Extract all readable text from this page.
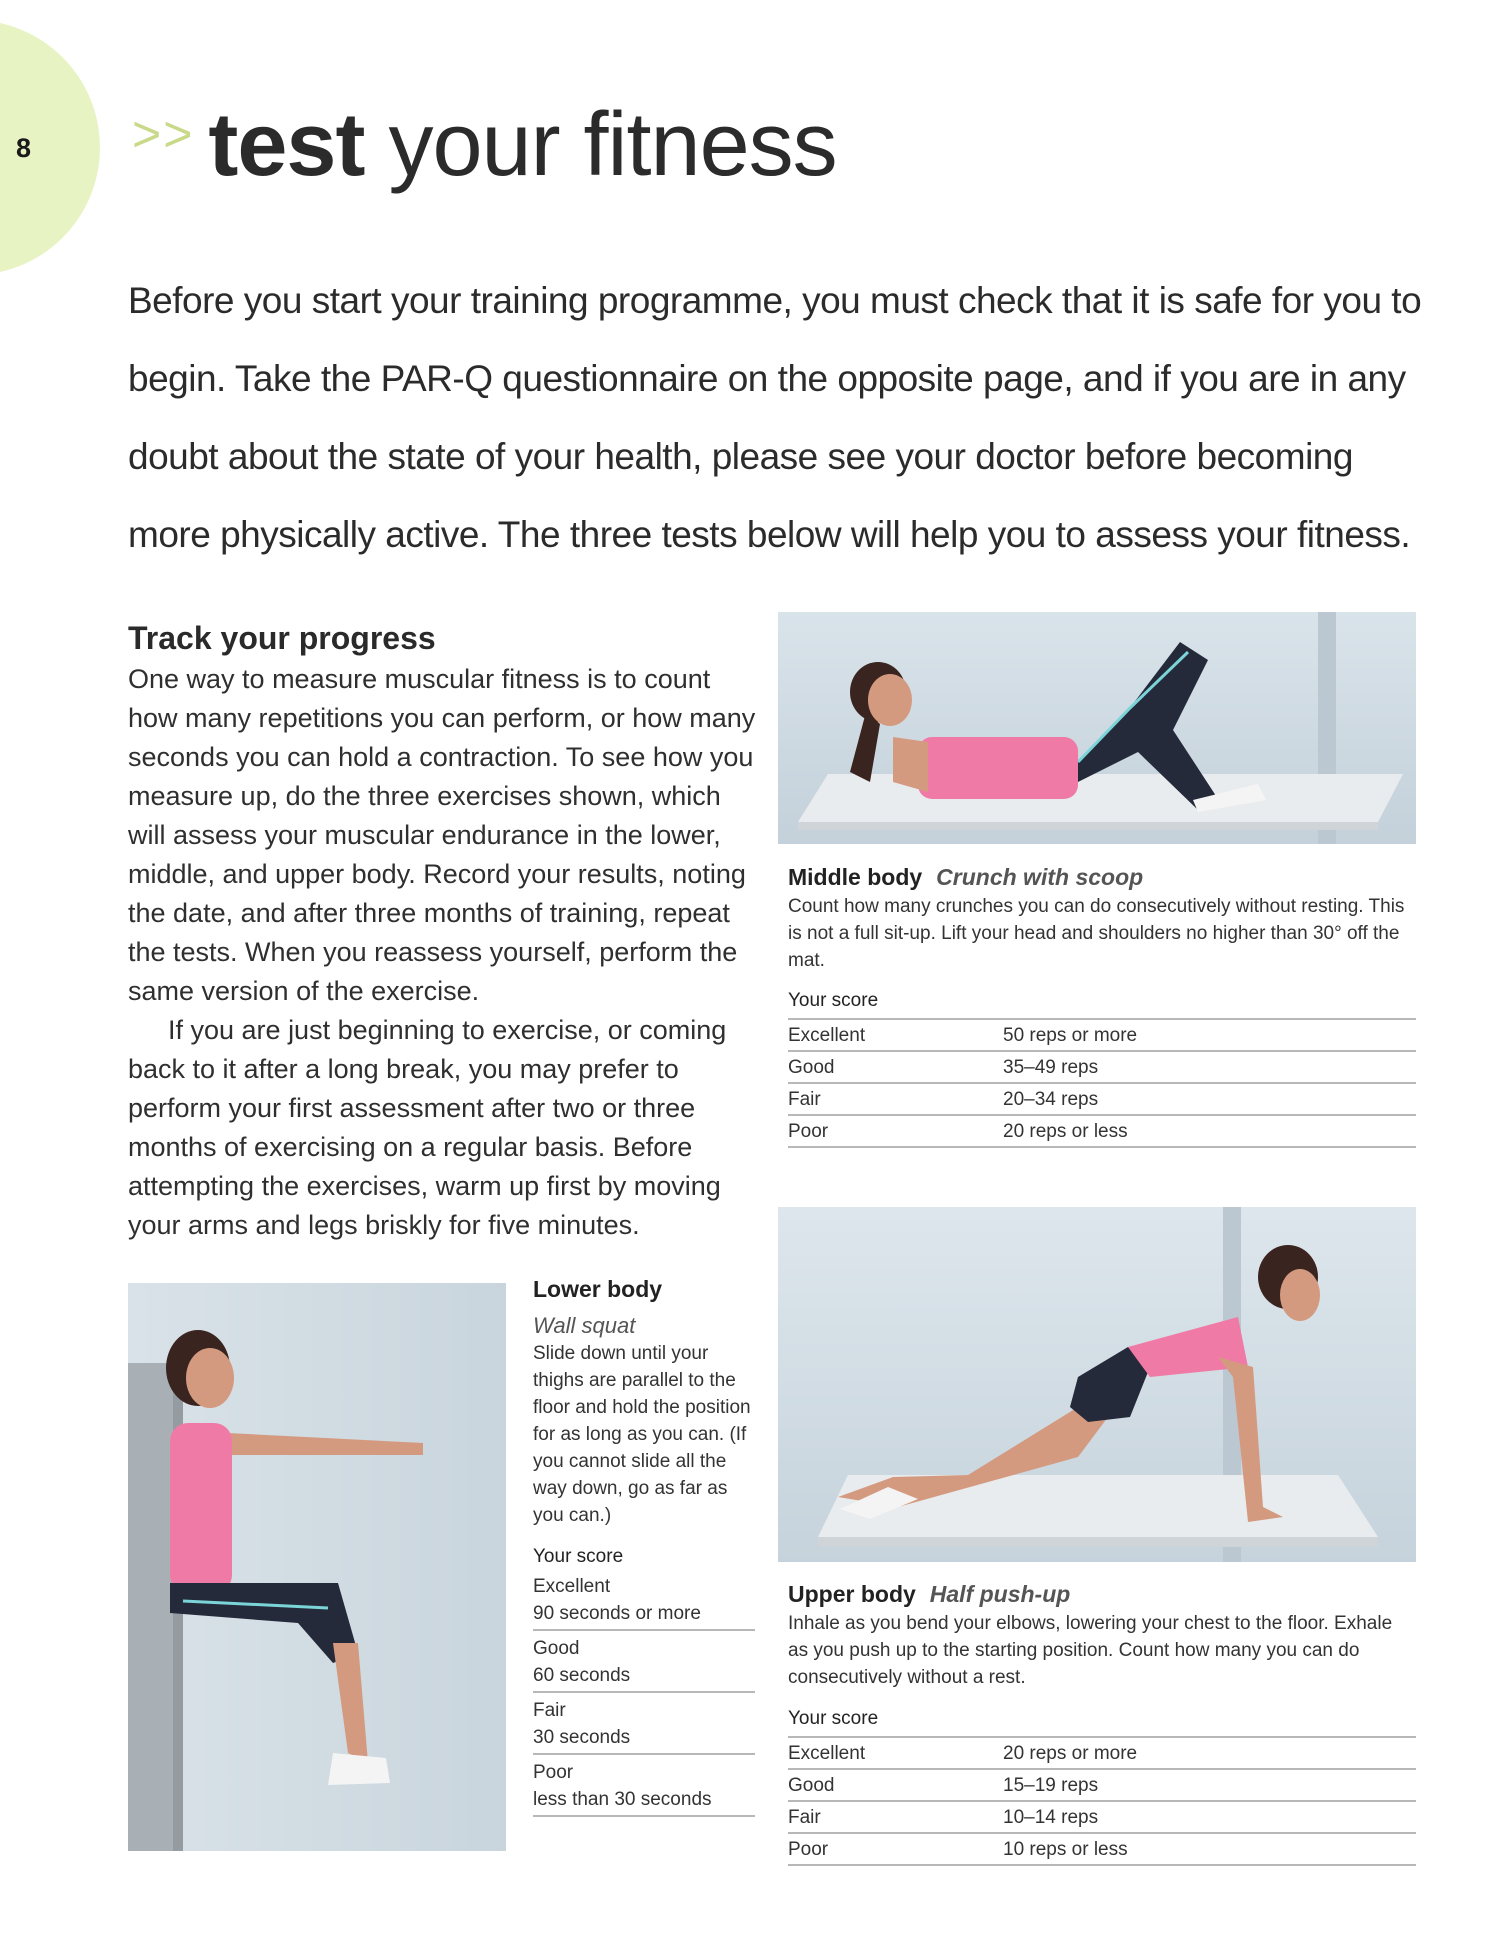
8 >> test your fitness

Before you start your training programme, you must check that it is safe for you to begin. Take the PAR-Q questionnaire on the opposite page, and if you are in any doubt about the state of your health, please see your doctor before becoming more physically active. The three tests below will help you to assess your fitness.

Track your progress

One way to measure muscular fitness is to count how many repetitions you can perform, or how many seconds you can hold a contraction. To see how you measure up, do the three exercises shown, which will assess your muscular endurance in the lower, middle, and upper body. Record your results, noting the date, and after three months of training, repeat the tests. When you reassess yourself, perform the same version of the exercise.

If you are just beginning to exercise, or coming back to it after a long break, you may prefer to perform your first assessment after two or three months of exercising on a regular basis. Before attempting the exercises, warm up first by moving your arms and legs briskly for five minutes.

Middle body Crunch with scoop

Count how many crunches you can do consecutively without resting. This is not a full sit-up. Lift your head and shoulders no higher than 30° off the mat.

Your score
Excellent	50 reps or more
Good	35–49 reps
Fair	20–34 reps
Poor	20 reps or less
Upper body Half push-up

Inhale as you bend your elbows, lowering your chest to the floor. Exhale as you push up to the starting position. Count how many you can do consecutively without a rest.

Your score
Excellent	20 reps or more
Good	15–19 reps
Fair	10–14 reps
Poor	10 reps or less
Lower body
Wall squat

Slide down until your thighs are parallel to the floor and hold the position for as long as you can. (If you cannot slide all the way down, go as far as you can.)

Your score
Excellent
90 seconds or more
Good
60 seconds
Fair
30 seconds
Poor
less than 30 seconds
